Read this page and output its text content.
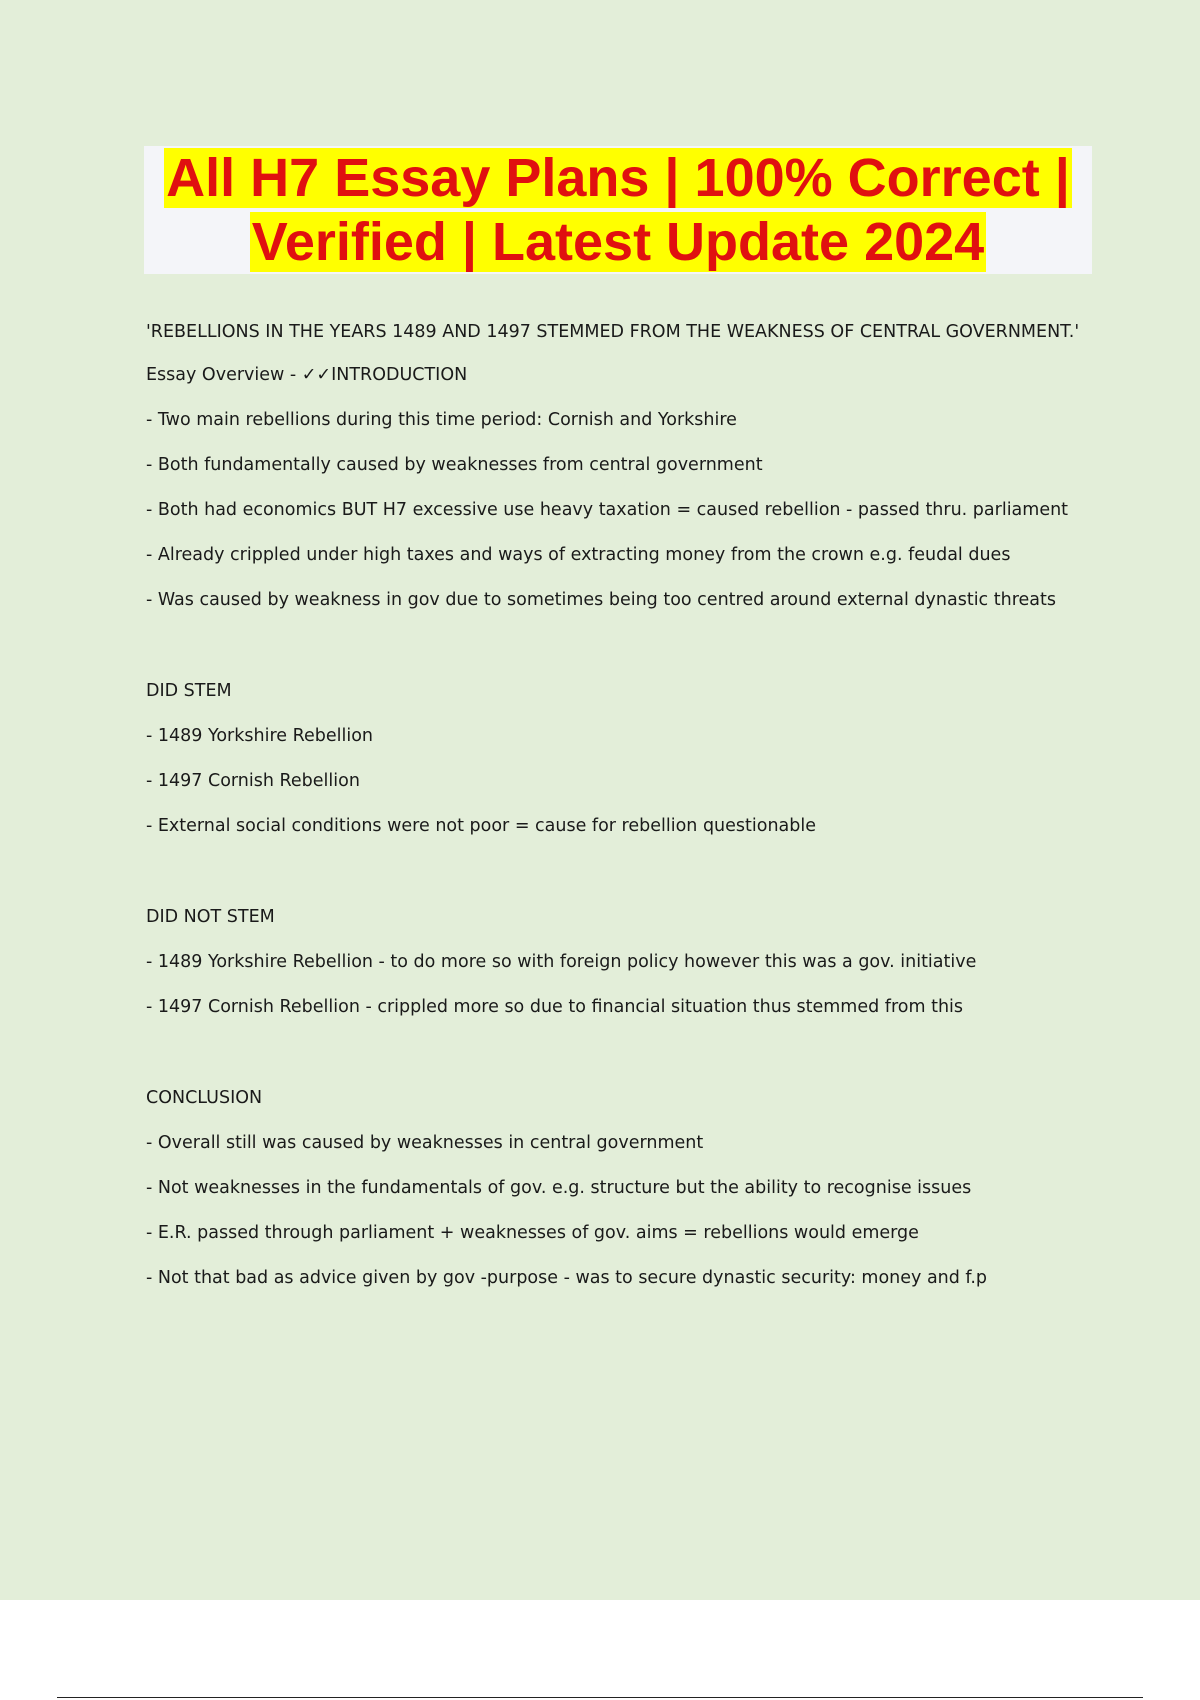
All H7 Essay Plans | 100% Correct | Verified | Latest Update 2024

'REBELLIONS IN THE YEARS 1489 AND 1497 STEMMED FROM THE WEAKNESS OF CENTRAL GOVERNMENT.'

Essay Overview - ✓✓INTRODUCTION

- Two main rebellions during this time period: Cornish and Yorkshire

- Both fundamentally caused by weaknesses from central government

- Both had economics BUT H7 excessive use heavy taxation = caused rebellion - passed thru. parliament

- Already crippled under high taxes and ways of extracting money from the crown e.g. feudal dues

- Was caused by weakness in gov due to sometimes being too centred around external dynastic threats

DID STEM

- 1489 Yorkshire Rebellion

- 1497 Cornish Rebellion

- External social conditions were not poor = cause for rebellion questionable

DID NOT STEM

- 1489 Yorkshire Rebellion - to do more so with foreign policy however this was a gov. initiative

- 1497 Cornish Rebellion - crippled more so due to financial situation thus stemmed from this

CONCLUSION

- Overall still was caused by weaknesses in central government

- Not weaknesses in the fundamentals of gov. e.g. structure but the ability to recognise issues

- E.R. passed through parliament + weaknesses of gov. aims = rebellions would emerge

- Not that bad as advice given by gov -purpose - was to secure dynastic security: money and f.p
